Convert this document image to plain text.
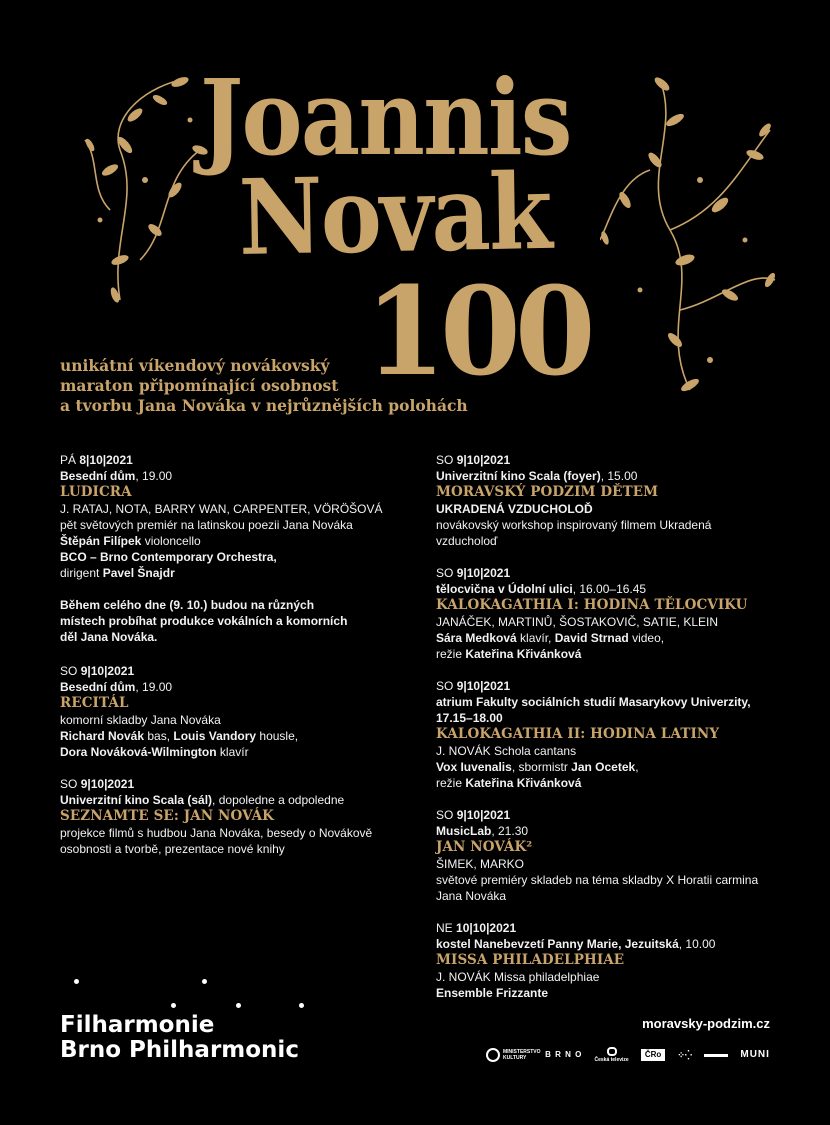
Joannis
Novak
100
unikátní víkendový novákovský
maraton připomínající osobnost
a tvorbu Jana Nováka v nejrůznějších polohách
PÁ 8|10|2021
Besední dům, 19.00
LUDICRA
J. RATAJ, NOTA, BARRY WAN, CARPENTER, VÖRÖŠOVÁ
pět světových premiér na latinskou poezii Jana Nováka
Štěpán Filípek violoncello
BCO – Brno Contemporary Orchestra,
dirigent Pavel Šnajdr
Během celého dne (9. 10.) budou na různých
místech probíhat produkce vokálních a komorních
děl Jana Nováka.
SO 9|10|2021
Besední dům, 19.00
RECITÁL
komorní skladby Jana Nováka
Richard Novák bas, Louis Vandory housle,
Dora Nováková-Wilmington klavír
SO 9|10|2021
Univerzitní kino Scala (sál), dopoledne a odpoledne
SEZNAMTE SE: JAN NOVÁK
projekce filmů s hudbou Jana Nováka, besedy o Novákově
osobnosti a tvorbě, prezentace nové knihy
SO 9|10|2021
Univerzitní kino Scala (foyer), 15.00
MORAVSKÝ PODZIM DĚTEM
UKRADENÁ VZDUCHOLOĎ
novákovský workshop inspirovaný filmem Ukradená
vzducholoď
SO 9|10|2021
tělocvična v Údolní ulici, 16.00–16.45
KALOKAGATHIA I: HODINA TĚLOCVIKU
JANÁČEK, MARTINŮ, ŠOSTAKOVIČ, SATIE, KLEIN
Sára Medková klavír, David Strnad video,
režie Kateřina Křivánková
SO 9|10|2021
atrium Fakulty sociálních studií Masarykovy Univerzity,
17.15–18.00
KALOKAGATHIA II: HODINA LATINY
J. NOVÁK Schola cantans
Vox Iuvenalis, sbormistr Jan Ocetek,
režie Kateřina Křivánková
SO 9|10|2021
MusicLab, 21.30
JAN NOVÁK²
ŠIMEK, MARKO
světové premiéry skladeb na téma skladby X Horatii carmina
Jana Nováka
NE 10|10|2021
kostel Nanebevzetí Panny Marie, Jezuitská, 10.00
MISSA PHILADELPHIAE
J. NOVÁK Missa philadelphiae
Ensemble Frizzante
Filharmonie
Brno Philharmonic
moravsky-podzim.cz
MINISTERSTVO KULTURY	B R N O
Česká televize
ČRo	⁘⁛	MUNI
